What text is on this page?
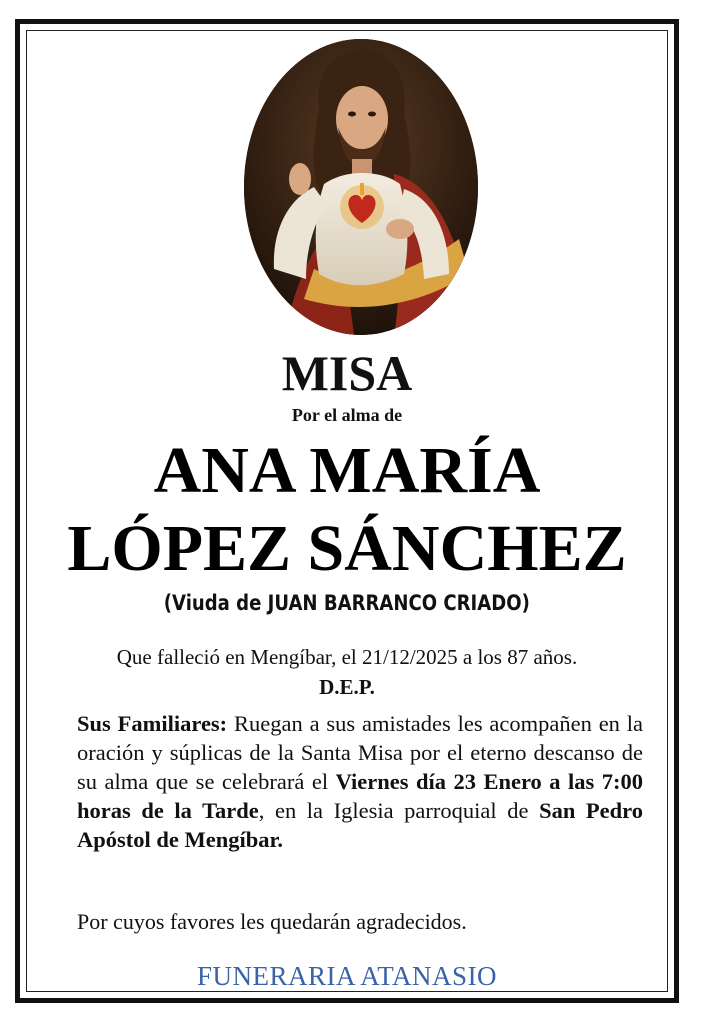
MISA
Por el alma de
ANA MARÍA
LÓPEZ SÁNCHEZ
(Viuda de JUAN BARRANCO CRIADO)
Que falleció en Mengíbar, el 21/12/2025 a los 87 años.
D.E.P.
Sus Familiares: Ruegan a sus amistades les acompañen en la oración y súplicas de la Santa Misa por el eterno descanso de su alma que se celebrará el Viernes día 23 Enero a las 7:00 horas de la Tarde, en la Iglesia parroquial de San Pedro Apóstol de Mengíbar.
Por cuyos favores les quedarán agradecidos.
FUNERARIA ATANASIO
